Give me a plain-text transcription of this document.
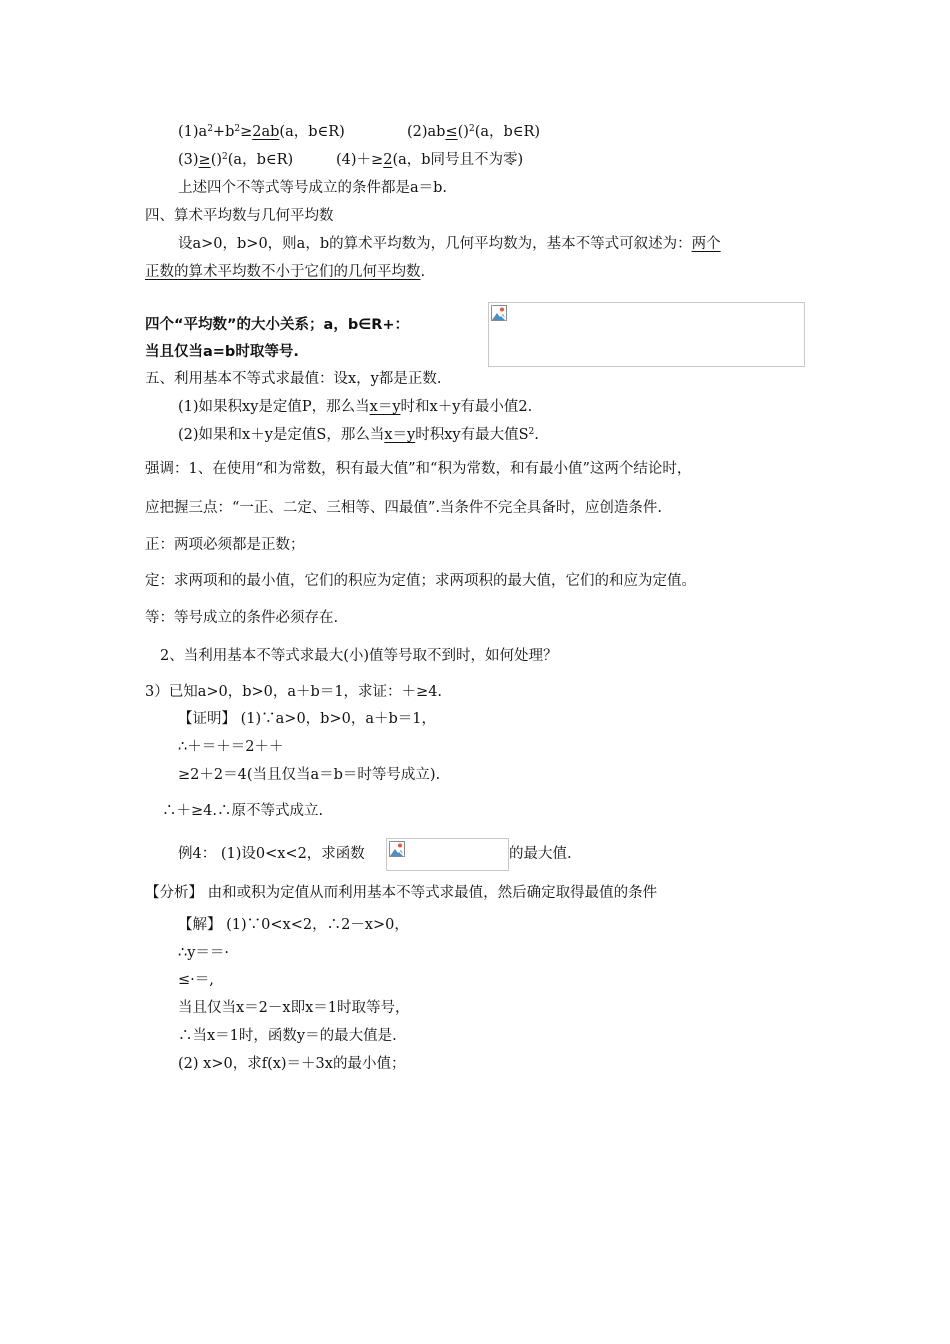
$(1)a^2+b^2\ge 2ab(a$，b∈R)	(2)ab≤()$^2$(a，b∈R)
(3)≥()$^2$(a，b∈R)	(4)＋≥2(a，b同号且不为零)
上述四个不等式等号成立的条件都是a＝b.
四、算术平均数与几何平均数
设a>0，b>0，则a，b的算术平均数为，几何平均数为，基本不等式可叙述为：两个
正数的算术平均数不小于它们的几何平均数.
四个“平均数”的大小关系；a，b∈R+：
当且仅当a=b时取等号.
五、利用基本不等式求最值：设x，y都是正数.
(1)如果积xy是定值P，那么当x＝y时和x＋y有最小值2.
(2)如果和x＋y是定值S，那么当x＝y时积xy有最大值$S^2$.
强调：1、在使用“和为常数，积有最大值”和“积为常数，和有最小值”这两个结论时，
应把握三点：“一正、二定、三相等、四最值”.当条件不完全具备时，应创造条件.
正：两项必须都是正数；
定：求两项和的最小值，它们的积应为定值；求两项积的最大值，它们的和应为定值。
等：等号成立的条件必须存在.
2、当利用基本不等式求最大(小)值等号取不到时，如何处理？
3）已知a>0，b>0，a＋b＝1，求证：＋≥4.
【证明】 (1)∵a>0，b>0，a＋b＝1，
∴＋＝＋＝2＋＋
≥2＋2＝4(当且仅当a＝b＝时等号成立).
∴＋≥4.∴原不等式成立.
例4： (1)设0<x<2，求函数	的最大值.
【分析】 由和或积为定值从而利用基本不等式求最值，然后确定取得最值的条件
【解】 (1)∵0<x<2，∴2－x>0，
∴y＝＝·
≤·＝,
当且仅当x＝2－x即x＝1时取等号，
∴当x＝1时，函数y＝的最大值是.
(2) x>0，求f(x)＝＋3x的最小值；
